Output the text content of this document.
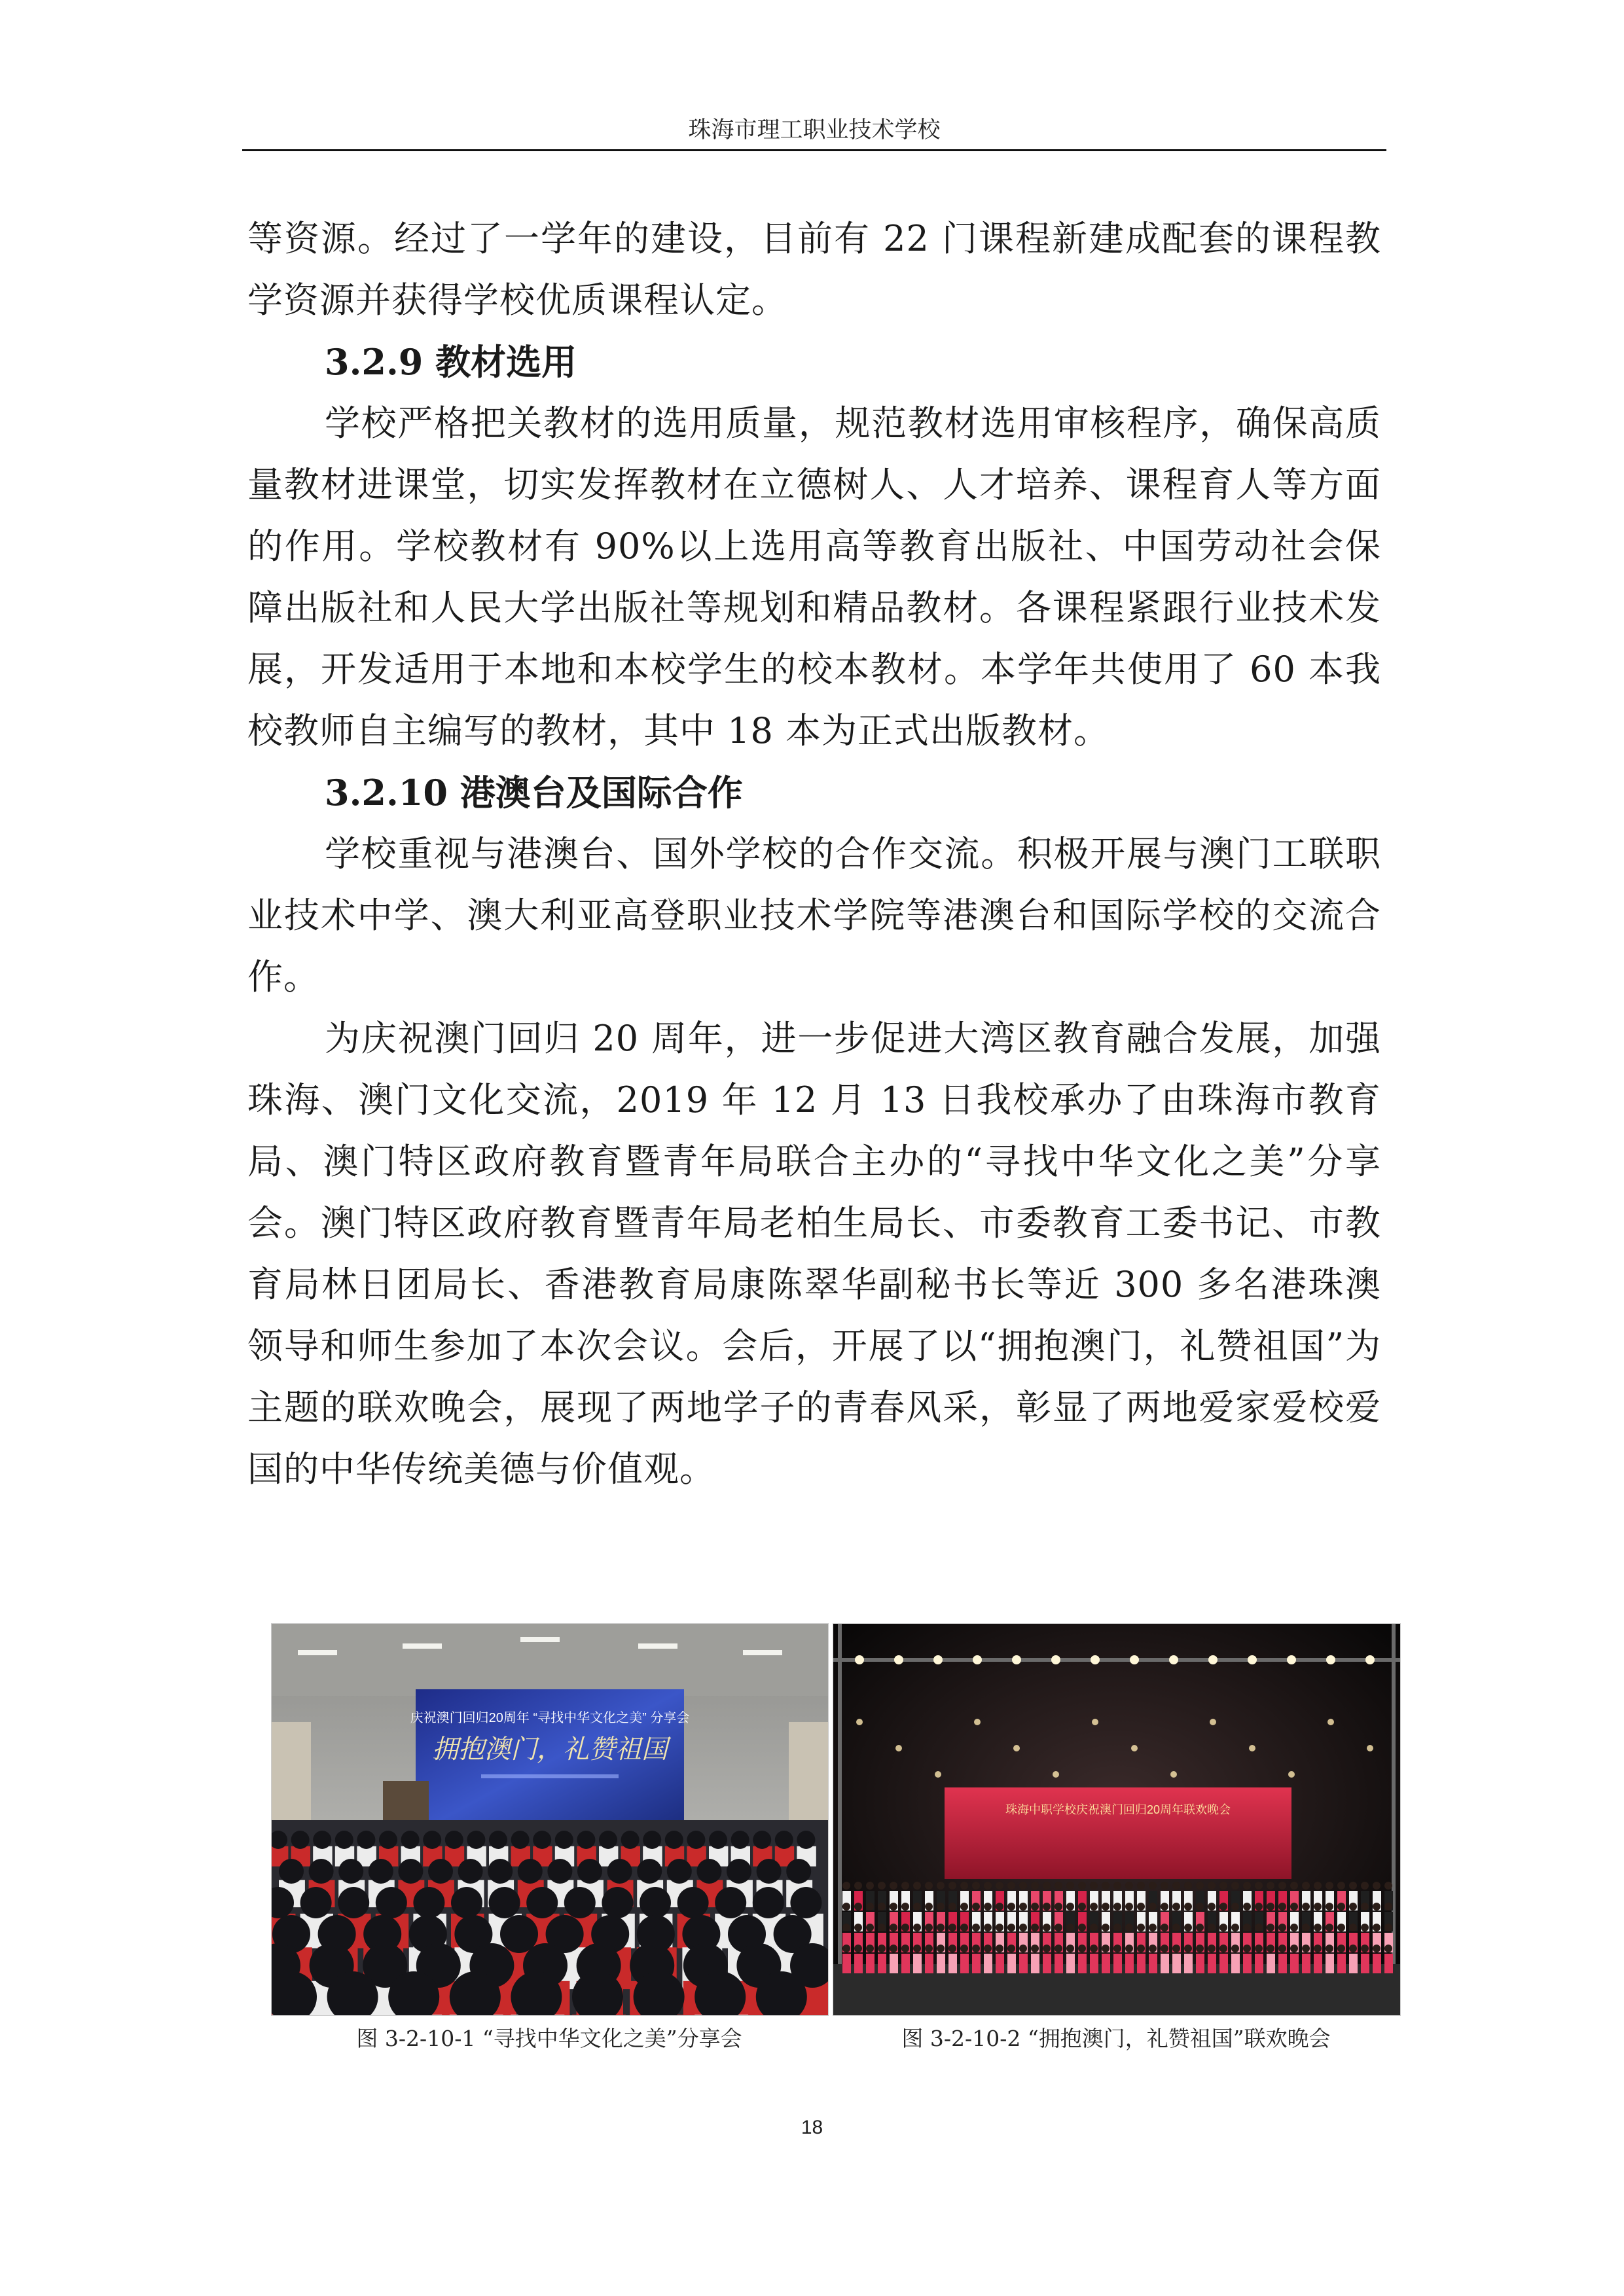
珠海市理工职业技术学校

等资源。经过了一学年的建设，目前有 22 门课程新建成配套的课程教学资源并获得学校优质课程认定。

3.2.9 教材选用

学校严格把关教材的选用质量，规范教材选用审核程序，确保高质量教材进课堂，切实发挥教材在立德树人、人才培养、课程育人等方面的作用。学校教材有 90%以上选用高等教育出版社、中国劳动社会保障出版社和人民大学出版社等规划和精品教材。各课程紧跟行业技术发展，开发适用于本地和本校学生的校本教材。本学年共使用了 60 本我校教师自主编写的教材，其中 18 本为正式出版教材。

3.2.10 港澳台及国际合作

学校重视与港澳台、国外学校的合作交流。积极开展与澳门工联职业技术中学、澳大利亚高登职业技术学院等港澳台和国际学校的交流合作。

为庆祝澳门回归 20 周年，进一步促进大湾区教育融合发展，加强珠海、澳门文化交流，2019 年 12 月 13 日我校承办了由珠海市教育局、澳门特区政府教育暨青年局联合主办的“寻找中华文化之美”分享会。澳门特区政府教育暨青年局老柏生局长、市委教育工委书记、市教育局林日团局长、香港教育局康陈翠华副秘书长等近 300 多名港珠澳领导和师生参加了本次会议。会后，开展了以“拥抱澳门，礼赞祖国”为主题的联欢晚会，展现了两地学子的青春风采，彰显了两地爱家爱校爱国的中华传统美德与价值观。

庆祝澳门回归20周年 “寻找中华文化之美” 分享会
拥抱澳门，礼赞祖国
图 3-2-10-1 “寻找中华文化之美”分享会
珠海中职学校庆祝澳门回归20周年联欢晚会
图 3-2-10-2 “拥抱澳门，礼赞祖国”联欢晚会
18
